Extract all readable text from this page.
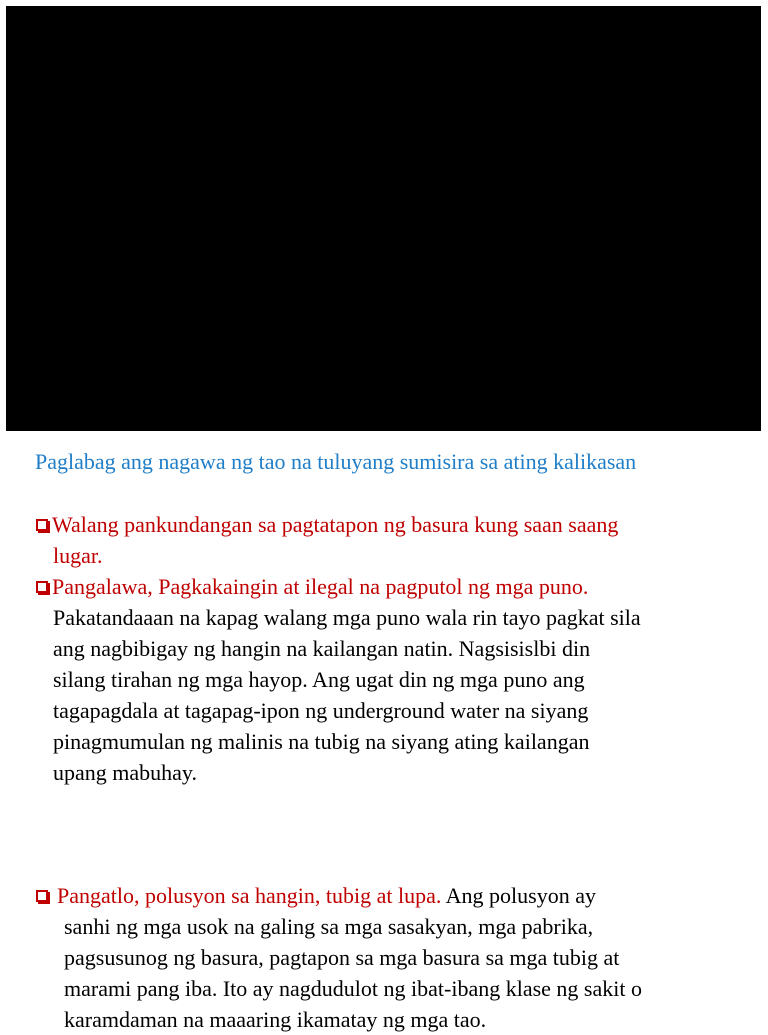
Paglabag ang nagawa ng tao na tuluyang sumisira sa ating kalikasan
Walang pankundangan sa pagtatapon ng basura kung saan saang
lugar.
Pangalawa, Pagkakaingin at ilegal na pagputol ng mga puno.
Pakatandaaan na kapag walang mga puno wala rin tayo pagkat sila
ang nagbibigay ng hangin na kailangan natin. Nagsisislbi din
silang tirahan ng mga hayop. Ang ugat din ng mga puno ang
tagapagdala at tagapag-ipon ng underground water na siyang
pinagmumulan ng malinis na tubig na siyang ating kailangan
upang mabuhay.
Pangatlo, polusyon sa hangin, tubig at lupa. Ang polusyon ay
sanhi ng mga usok na galing sa mga sasakyan, mga pabrika,
pagsusunog ng basura, pagtapon sa mga basura sa mga tubig at
marami pang iba. Ito ay nagdudulot ng ibat-ibang klase ng sakit o
karamdaman na maaaring ikamatay ng mga tao.
